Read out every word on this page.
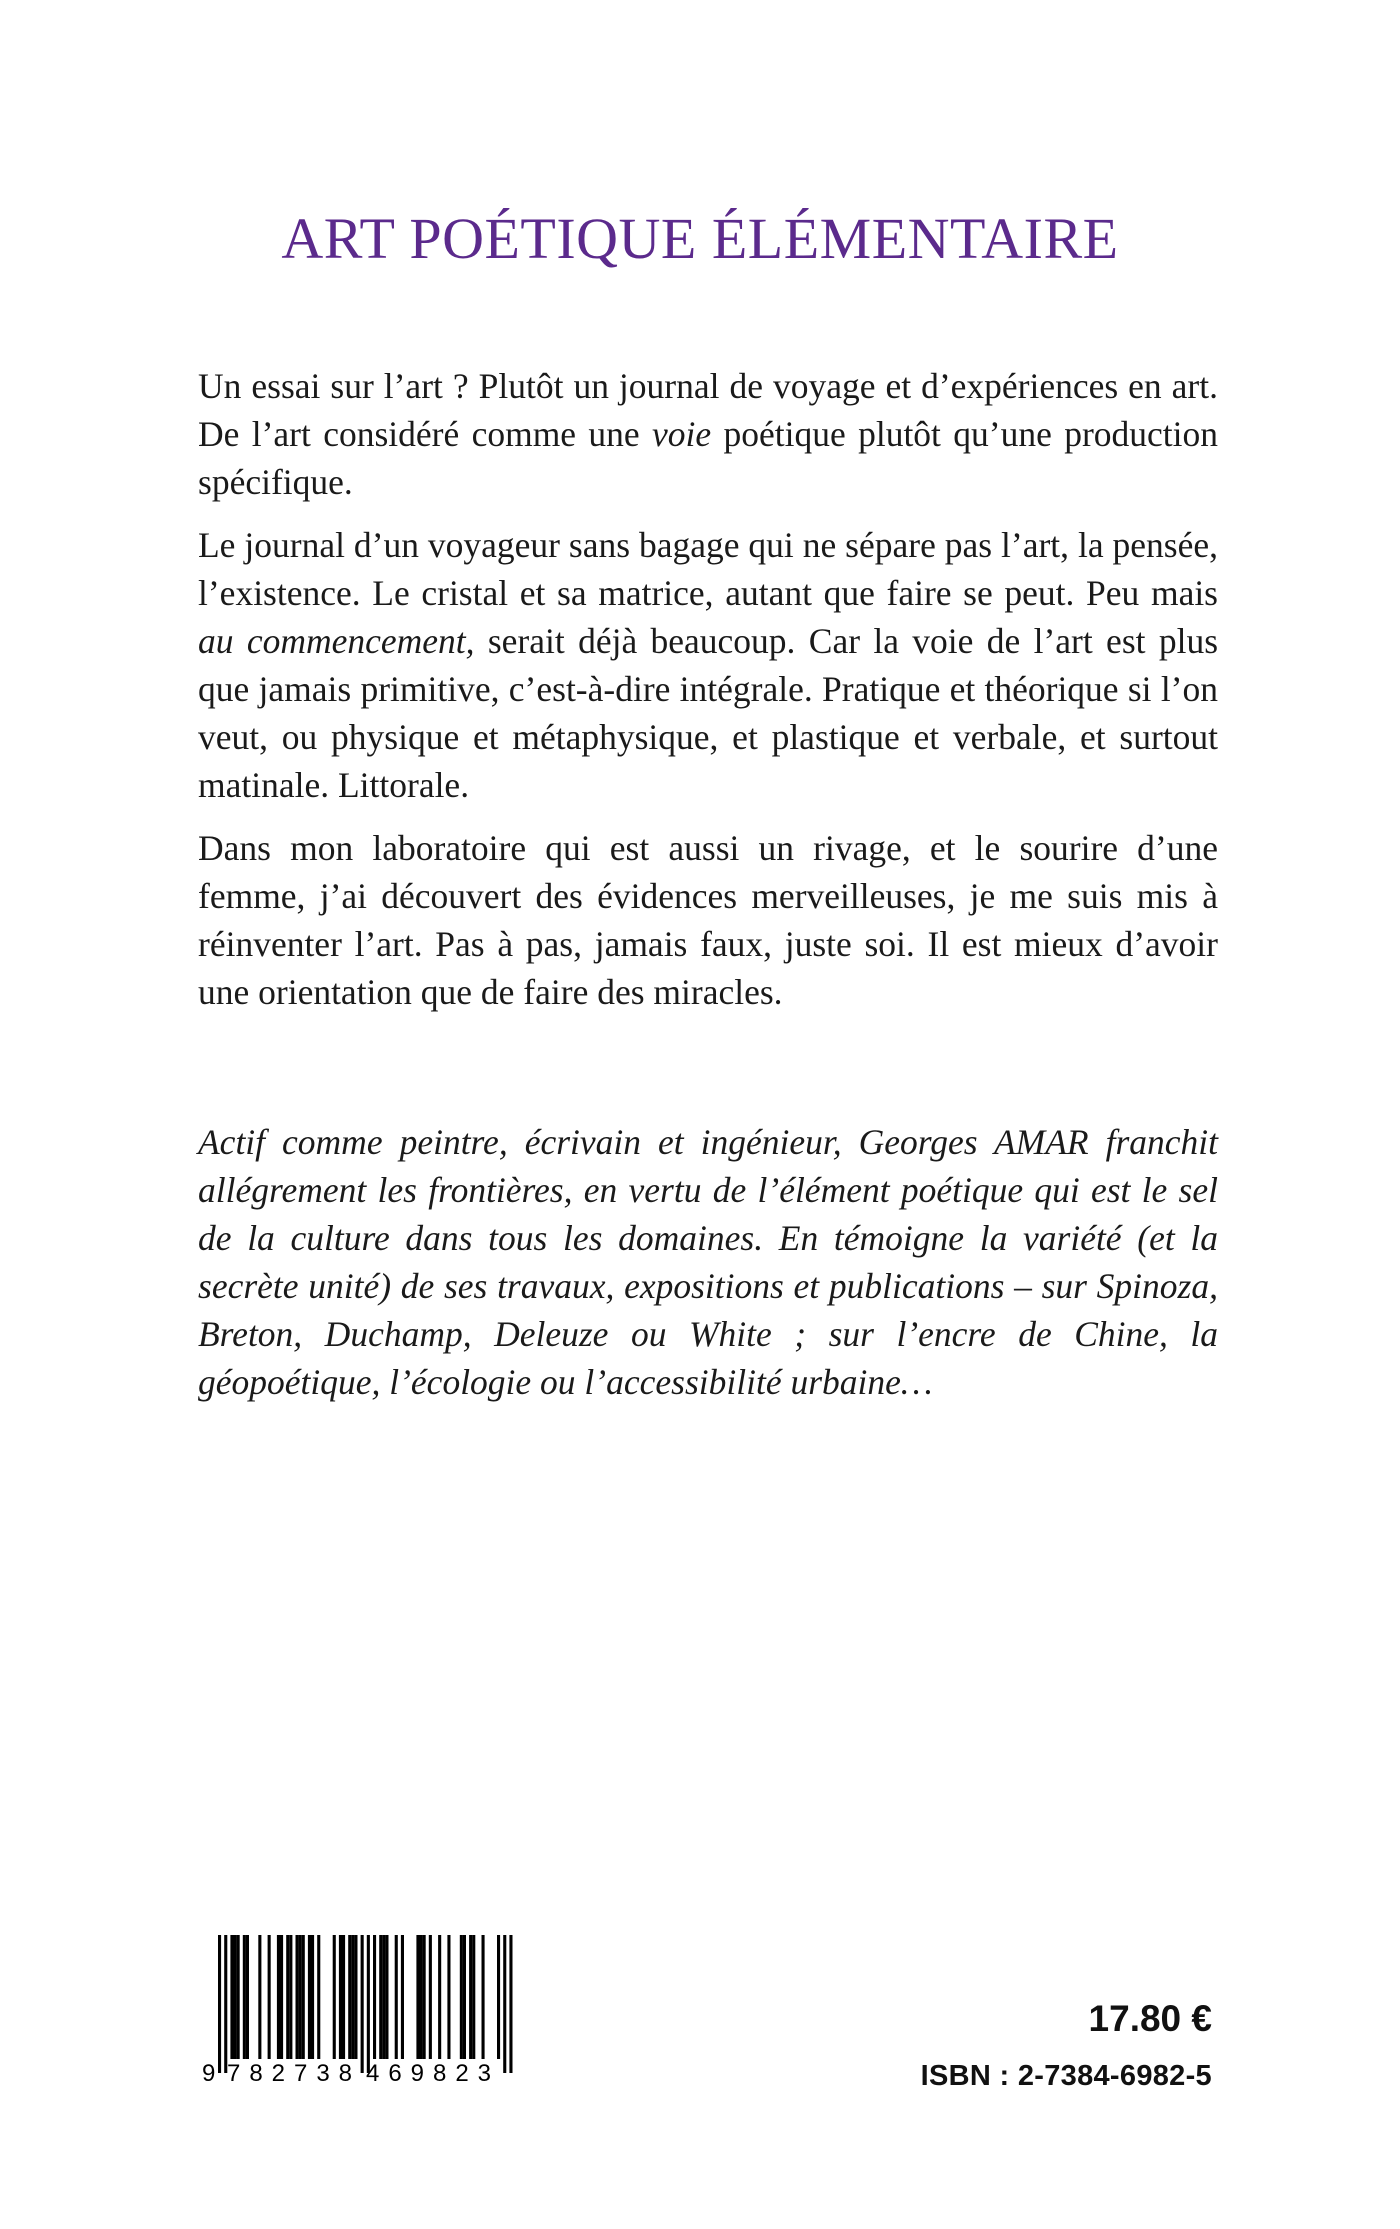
ART POÉTIQUE ÉLÉMENTAIRE

Un essai sur l’art ? Plutôt un journal de voyage et d’expériences en art. De l’art considéré comme une voie poétique plutôt qu’une production spécifique.

Le journal d’un voyageur sans bagage qui ne sépare pas l’art, la pensée, l’existence. Le cristal et sa matrice, autant que faire se peut. Peu mais au commencement, serait déjà beaucoup. Car la voie de l’art est plus que jamais primitive, c’est-à-dire intégrale. Pratique et théorique si l’on veut, ou physique et métaphysique, et plastique et verbale, et surtout matinale. Littorale.

Dans mon laboratoire qui est aussi un rivage, et le sourire d’une femme, j’ai découvert des évidences merveilleuses, je me suis mis à réinventer l’art. Pas à pas, jamais faux, juste soi. Il est mieux d’avoir une orientation que de faire des miracles.

Actif comme peintre, écrivain et ingénieur, Georges AMAR franchit allégrement les frontières, en vertu de l’élément poétique qui est le sel de la culture dans tous les domaines. En témoigne la variété (et la secrète unité) de ses travaux, expositions et publications – sur Spinoza, Breton, Duchamp, Deleuze ou White ; sur l’encre de Chine, la géopoétique, l’écologie ou l’accessibilité urbaine…

9 782738 469823
17.80 €
ISBN : 2-7384-6982-5
